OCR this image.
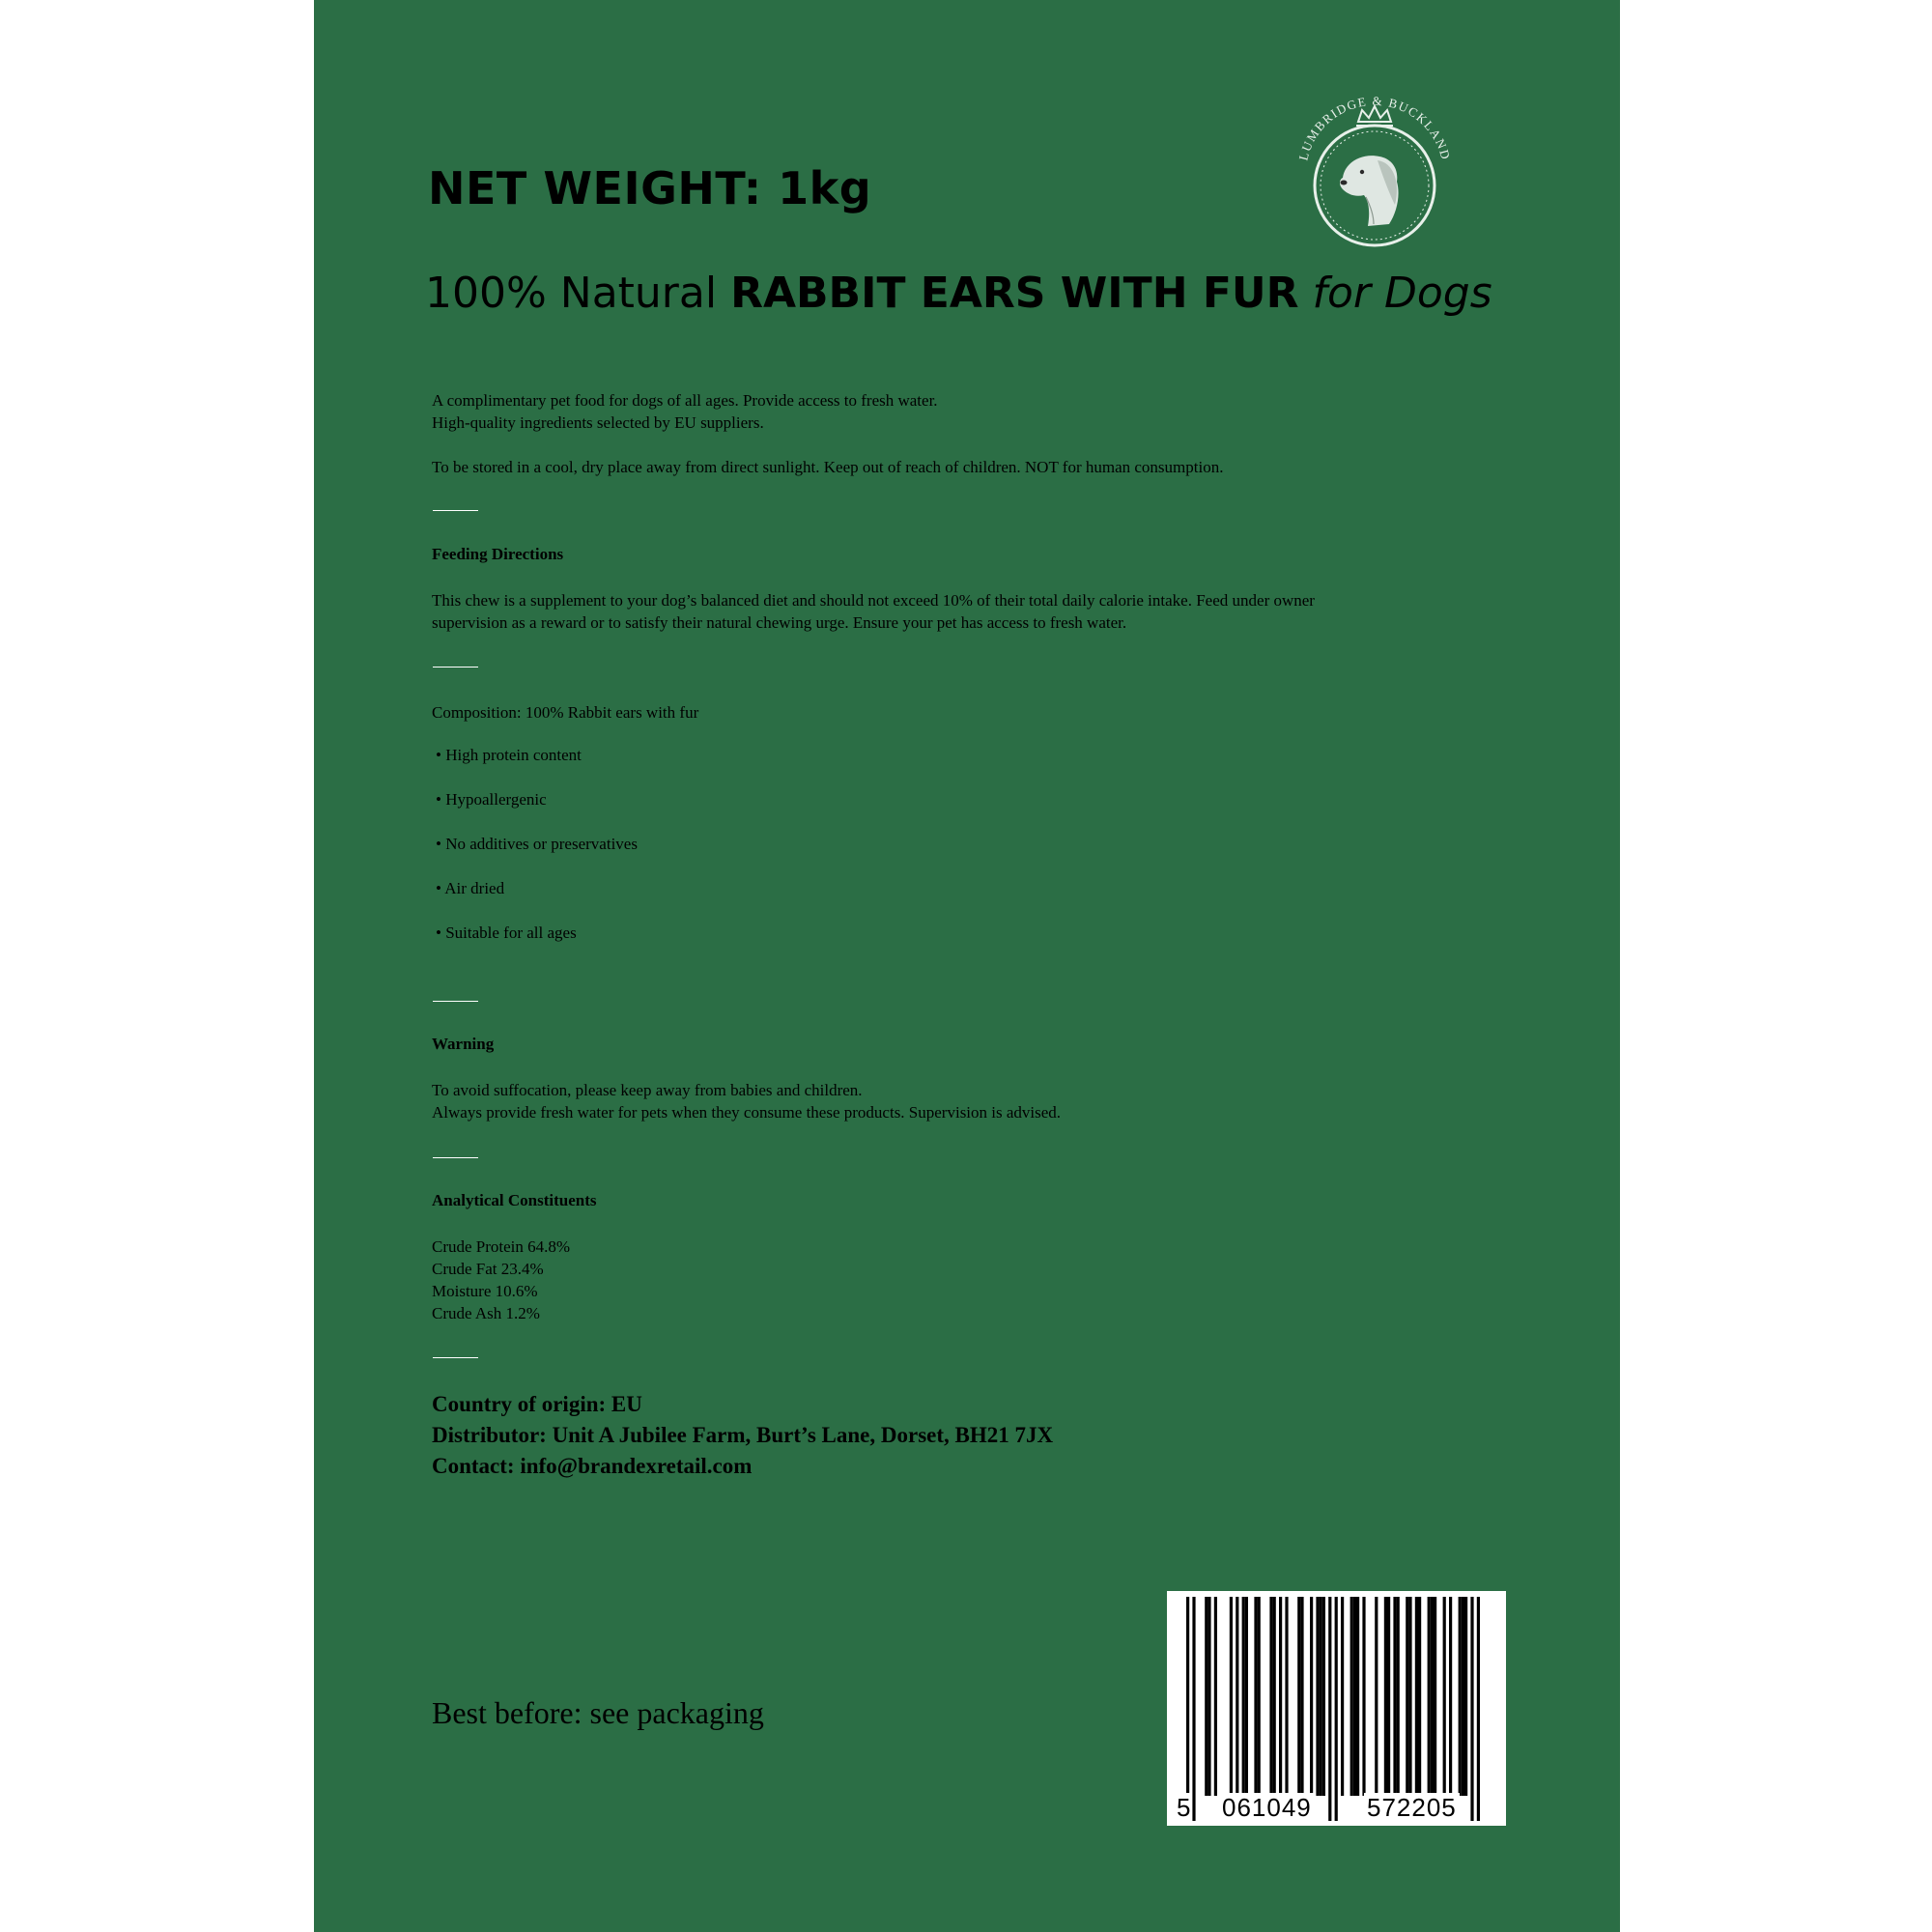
LUMBRIDGE & BUCKLAND
NET WEIGHT: 1kg
100% Natural RABBIT EARS WITH FUR for Dogs
A complimentary pet food for dogs of all ages. Provide access to fresh water.
High-quality ingredients selected by EU suppliers.
To be stored in a cool, dry place away from direct sunlight. Keep out of reach of children. NOT for human consumption.
Feeding Directions
This chew is a supplement to your dog’s balanced diet and should not exceed 10% of their total daily calorie intake. Feed under owner
supervision as a reward or to satisfy their natural chewing urge. Ensure your pet has access to fresh water.
Composition: 100% Rabbit ears with fur
• High protein content
• Hypoallergenic
• No additives or preservatives
• Air dried
• Suitable for all ages
Warning
To avoid suffocation, please keep away from babies and children.
Always provide fresh water for pets when they consume these products. Supervision is advised.
Analytical Constituents
Crude Protein 64.8%
Crude Fat 23.4%
Moisture 10.6%
Crude Ash 1.2%
Country of origin: EU
Distributor: Unit A Jubilee Farm, Burt’s Lane, Dorset, BH21 7JX
Contact: info@brandexretail.com
Best before: see packaging
5 061049 572205
